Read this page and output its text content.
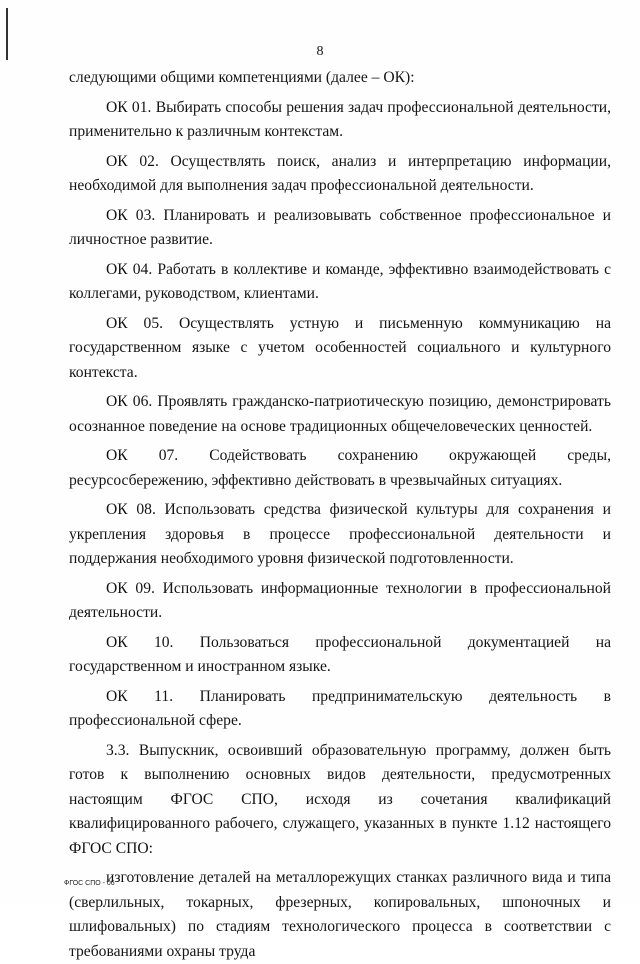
8

следующими общими компетенциями (далее – ОК):

ОК 01. Выбирать способы решения задач профессиональной деятельности, применительно к различным контекстам.

ОК 02. Осуществлять поиск, анализ и интерпретацию информации, необходимой для выполнения задач профессиональной деятельности.

ОК 03. Планировать и реализовывать собственное профессиональное и личностное развитие.

ОК 04. Работать в коллективе и команде, эффективно взаимодействовать с коллегами, руководством, клиентами.

ОК 05. Осуществлять устную и письменную коммуникацию на государственном языке с учетом особенностей социального и культурного контекста.

ОК 06. Проявлять гражданско-патриотическую позицию, демонстрировать осознанное поведение на основе традиционных общечеловеческих ценностей.

ОК 07. Содействовать сохранению окружающей среды, ресурсосбережению, эффективно действовать в чрезвычайных ситуациях.

ОК 08. Использовать средства физической культуры для сохранения и укрепления здоровья в процессе профессиональной деятельности и поддержания необходимого уровня физической подготовленности.

ОК 09. Использовать информационные технологии в профессиональной деятельности.

ОК 10. Пользоваться профессиональной документацией на государственном и иностранном языке.

ОК 11. Планировать предпринимательскую деятельность в профессиональной сфере.

3.3. Выпускник, освоивший образовательную программу, должен быть готов к выполнению основных видов деятельности, предусмотренных настоящим ФГОС СПО, исходя из сочетания квалификаций квалифицированного рабочего, служащего, указанных в пункте 1.12 настоящего ФГОС СПО:

изготовление деталей на металлорежущих станках различного вида и типа (сверлильных, токарных, фрезерных, копировальных, шпоночных и шлифовальных) по стадиям технологического процесса в соответствии с требованиями охраны труда

ФГОС СПО - 06
